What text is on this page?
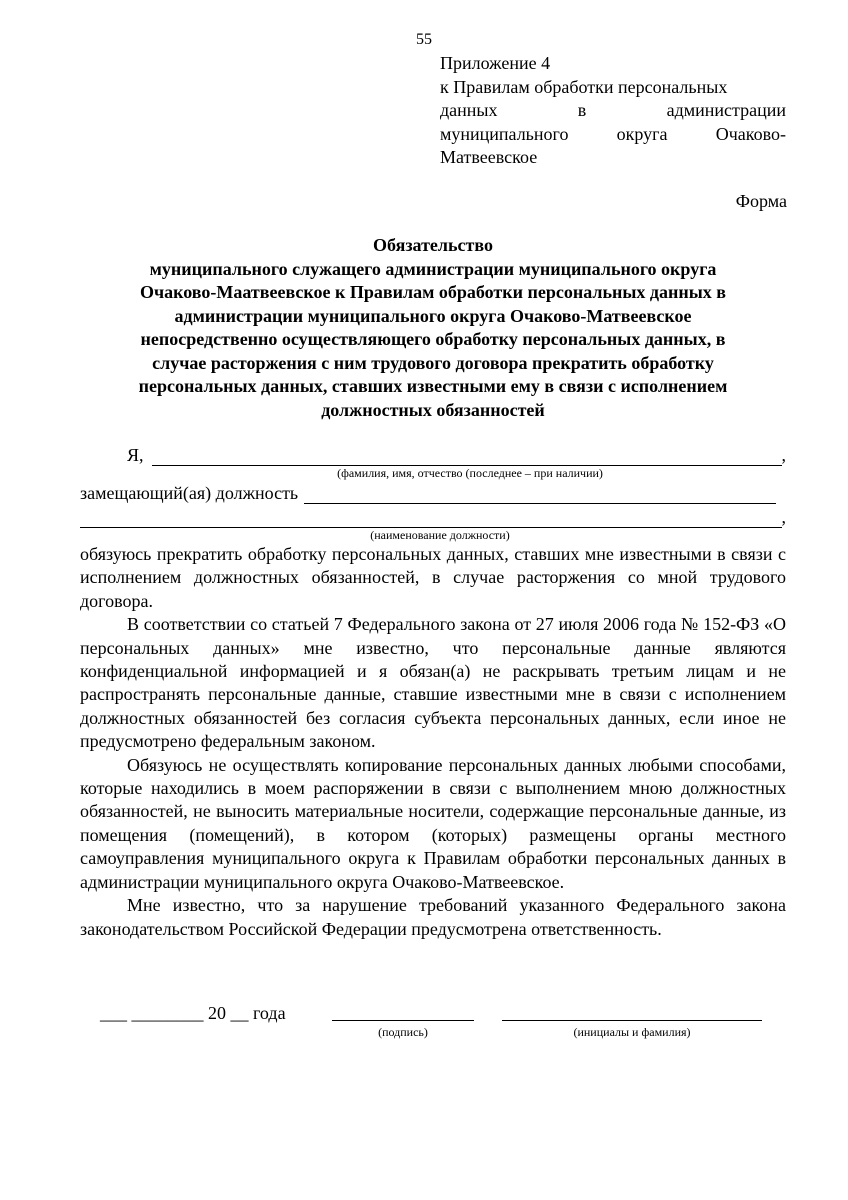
55
Приложение 4
к Правилам обработки персональных
данных	в	администрации
муниципального	округа	Очаково-
Матвеевское
Форма
Обязательство
муниципального служащего администрации муниципального округа
Очаково-Маатвеевское к Правилам обработки персональных данных в
администрации муниципального округа Очаково-Матвеевское
непосредственно осуществляющего обработку персональных данных, в
случае расторжения с ним трудового договора прекратить обработку
персональных данных, ставших известными ему в связи с исполнением
должностных обязанностей
Я,	,
(фамилия, имя, отчество (последнее – при наличии)
замещающий(ая) должность
,
(наименование должности)

обязуюсь прекратить обработку персональных данных, ставших мне известными в связи с исполнением должностных обязанностей, в случае расторжения со мной трудового договора.

В соответствии со статьей 7 Федерального закона от 27 июля 2006 года № 152-ФЗ «О персональных данных» мне известно, что персональные данные являются конфиденциальной информацией и я обязан(а) не раскрывать третьим лицам и не распространять персональные данные, ставшие известными мне в связи с исполнением должностных обязанностей без согласия субъекта персональных данных, если иное не предусмотрено федеральным законом.

Обязуюсь не осуществлять копирование персональных данных любыми способами, которые находились в моем распоряжении в связи с выполнением мною должностных обязанностей, не выносить материальные носители, содержащие персональные данные, из помещения (помещений), в котором (которых) размещены органы местного самоуправления муниципального округа к Правилам обработки персональных данных в администрации муниципального округа Очаково-Матвеевское.

Мне известно, что за нарушение требований указанного Федерального закона законодательством Российской Федерации предусмотрена ответственность.

___ ________ 20 __ года
(подпись)	(инициалы и фамилия)
